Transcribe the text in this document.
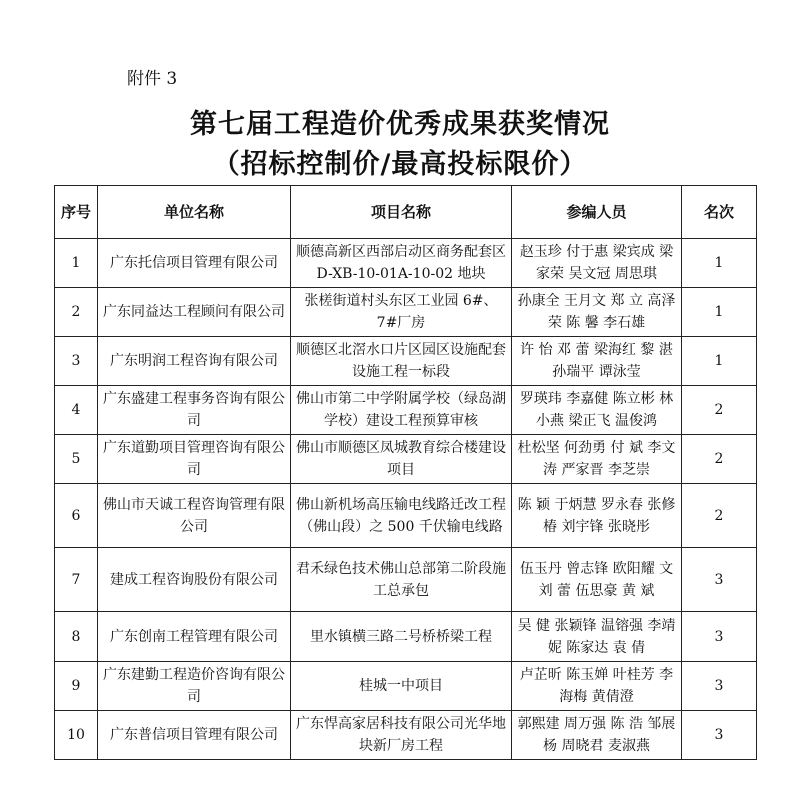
附件 3
第七届工程造价优秀成果获奖情况
（招标控制价/最高投标限价）
序号	单位名称	项目名称	参编人员	名次
1	广东托信项目管理有限公司	顺德高新区西部启动区商务配套区 D-XB-10-01A-10-02 地块	赵玉珍 付于惠 梁宾成 梁家荣 吴文冠 周思琪	1
2	广东同益达工程顾问有限公司	张槎街道村头东区工业园 6#、7#厂房	孙康全 王月文 郑 立 高泽荣 陈 馨 李石雄	1
3	广东明润工程咨询有限公司	顺德区北滘水口片区园区设施配套设施工程一标段	许 怡 邓 蕾 梁海红 黎 湛 孙瑞平 谭泳莹	1
4	广东盛建工程事务咨询有限公司	佛山市第二中学附属学校（绿岛湖学校）建设工程预算审核	罗瑛玮 李嘉健 陈立彬 林小燕 梁正飞 温俊鸿	2
5	广东道勤项目管理咨询有限公司	佛山市顺德区凤城教育综合楼建设项目	杜松坚 何劲勇 付 斌 李文涛 严家晋 李芝崇	2
6	佛山市天诚工程咨询管理有限公司	佛山新机场高压输电线路迁改工程（佛山段）之 500 千伏输电线路	陈 颖 于炳慧 罗永春 张修椿 刘宇锋 张晓彤	2
7	建成工程咨询股份有限公司	君禾绿色技术佛山总部第二阶段施工总承包	伍玉丹 曾志锋 欧阳耀 文 刘 蕾 伍思豪 黄 斌	3
8	广东创南工程管理有限公司	里水镇横三路二号桥桥梁工程	吴 健 张颖锋 温镕强 李靖妮 陈家达 袁 倩	3
9	广东建勤工程造价咨询有限公司	桂城一中项目	卢芷昕 陈玉婵 叶桂芳 李海梅 黄倩澄	3
10	广东普信项目管理有限公司	广东悍高家居科技有限公司光华地块新厂房工程	郭熙建 周万强 陈 浩 邹展杨 周晓君 麦淑燕	3
